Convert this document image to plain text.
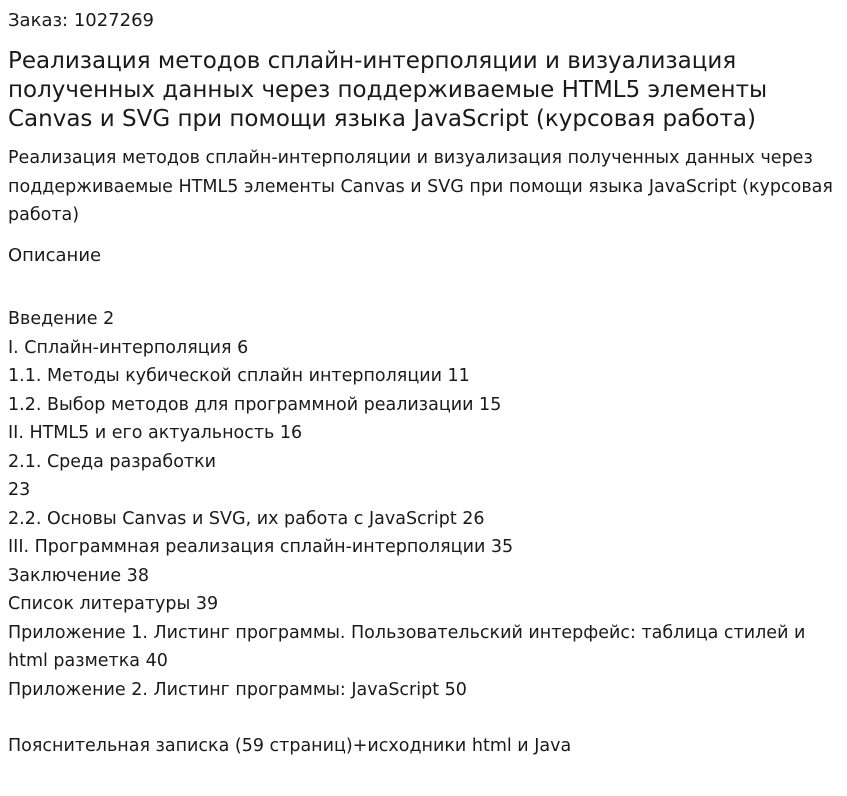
Заказ: 1027269
Реализация методов сплайн-интерполяции и визуализация полученных данных через поддерживаемые HTML5 элементы Canvas и SVG при помощи языка JavaScript (курсовая работа)

Реализация методов сплайн-интерполяции и визуализация полученных данных через поддерживаемые HTML5 элементы Canvas и SVG при помощи языка JavaScript (курсовая работа)

Описание
Введение 2
I. Сплайн-интерполяция 6
1.1. Методы кубической сплайн интерполяции 11
1.2. Выбор методов для программной реализации 15
II. HTML5 и его актуальность 16
2.1. Среда разработки
23
2.2. Основы Canvas и SVG, их работа с JavaScript 26
III. Программная реализация сплайн-интерполяции 35
Заключение 38
Список литературы 39
Приложение 1. Листинг программы. Пользовательский интерфейс: таблица стилей и html разметка 40
Приложение 2. Листинг программы: JavaScript 50
Пояснительная записка (59 страниц)+исходники html и Java
